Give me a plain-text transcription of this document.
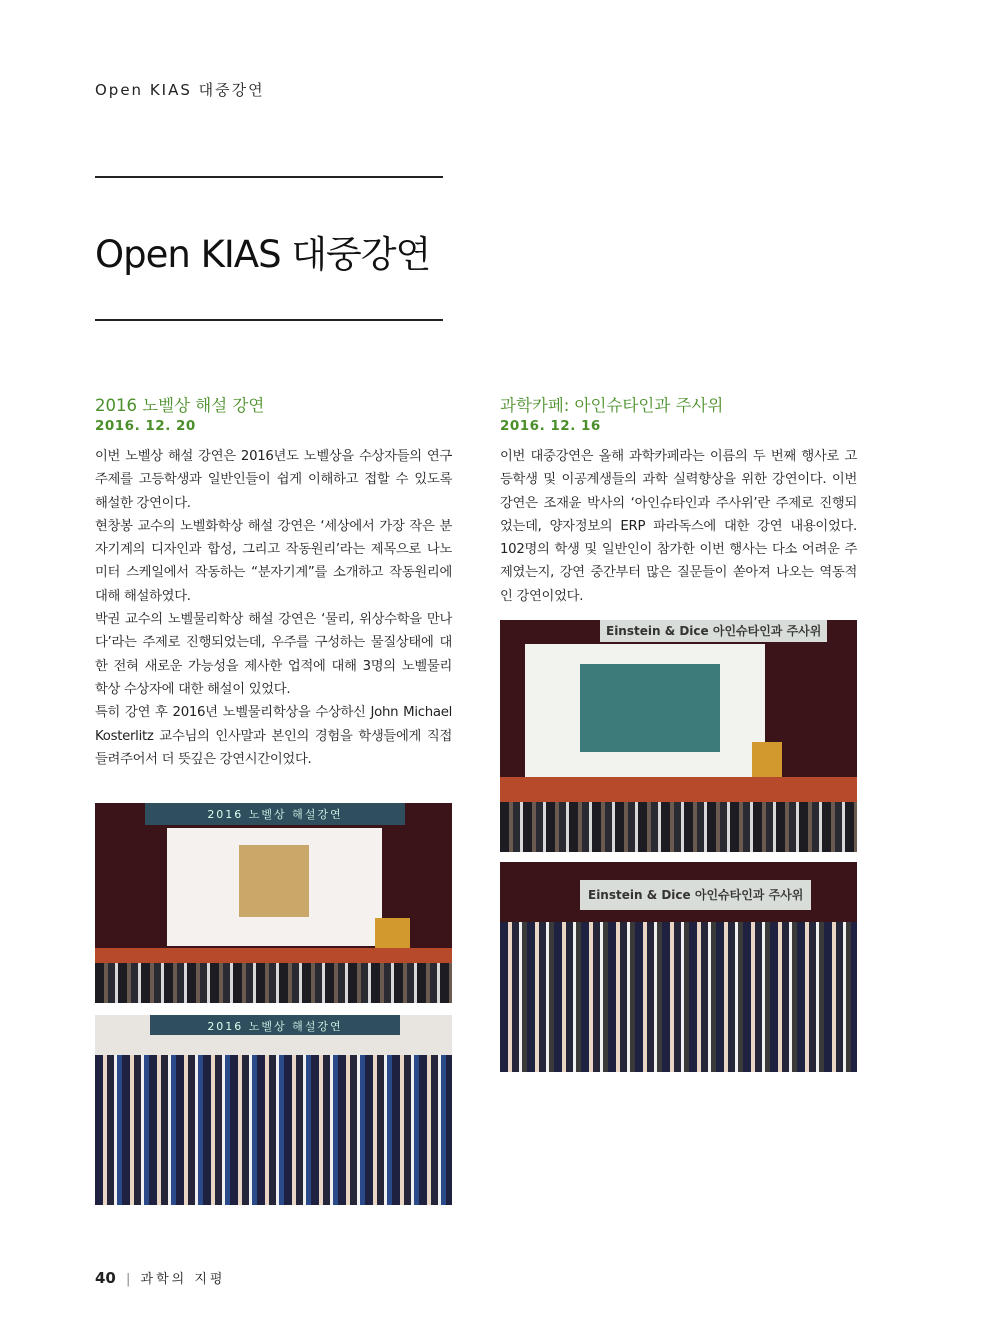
Open KIAS 대중강연
Open KIAS 대중강연
2016 노벨상 해설 강연
2016. 12. 20
이번 노벨상 해설 강연은 2016년도 노벨상을 수상자들의 연구
주제를 고등학생과 일반인들이 쉽게 이해하고 접할 수 있도록
해설한 강연이다.
현창봉 교수의 노벨화학상 해설 강연은 ‘세상에서 가장 작은 분
자기계의 디자인과 합성, 그리고 작동원리’라는 제목으로 나노
미터 스케일에서 작동하는 “분자기계”를 소개하고 작동원리에
대해 해설하였다.
박권 교수의 노벨물리학상 해설 강연은 ‘물리, 위상수학을 만나
다’라는 주제로 진행되었는데, 우주를 구성하는 물질상태에 대
한 전혀 새로운 가능성을 제사한 업적에 대해 3명의 노벨물리
학상 수상자에 대한 해설이 있었다.
특히 강연 후 2016년 노벨물리학상을 수상하신 John Michael
Kosterlitz 교수님의 인사말과 본인의 경험을 학생들에게 직접
들려주어서 더 뜻깊은 강연시간이었다.
과학카페: 아인슈타인과 주사위
2016. 12. 16
이번 대중강연은 올해 과학카페라는 이름의 두 번째 행사로 고
등학생 및 이공계생들의 과학 실력향상을 위한 강연이다. 이번
강연은 조재윤 박사의 ‘아인슈타인과 주사위’란 주제로 진행되
었는데, 양자정보의 ERP 파라독스에 대한 강연 내용이었다.
102명의 학생 및 일반인이 참가한 이번 행사는 다소 어려운 주
제였는지, 강연 중간부터 많은 질문들이 쏟아져 나오는 역동적
인 강연이었다.
2016 노벨상 해설강연
2016 노벨상 해설강연
Einstein & Dice 아인슈타인과 주사위
Einstein & Dice 아인슈타인과 주사위
40 | 과학의 지평
